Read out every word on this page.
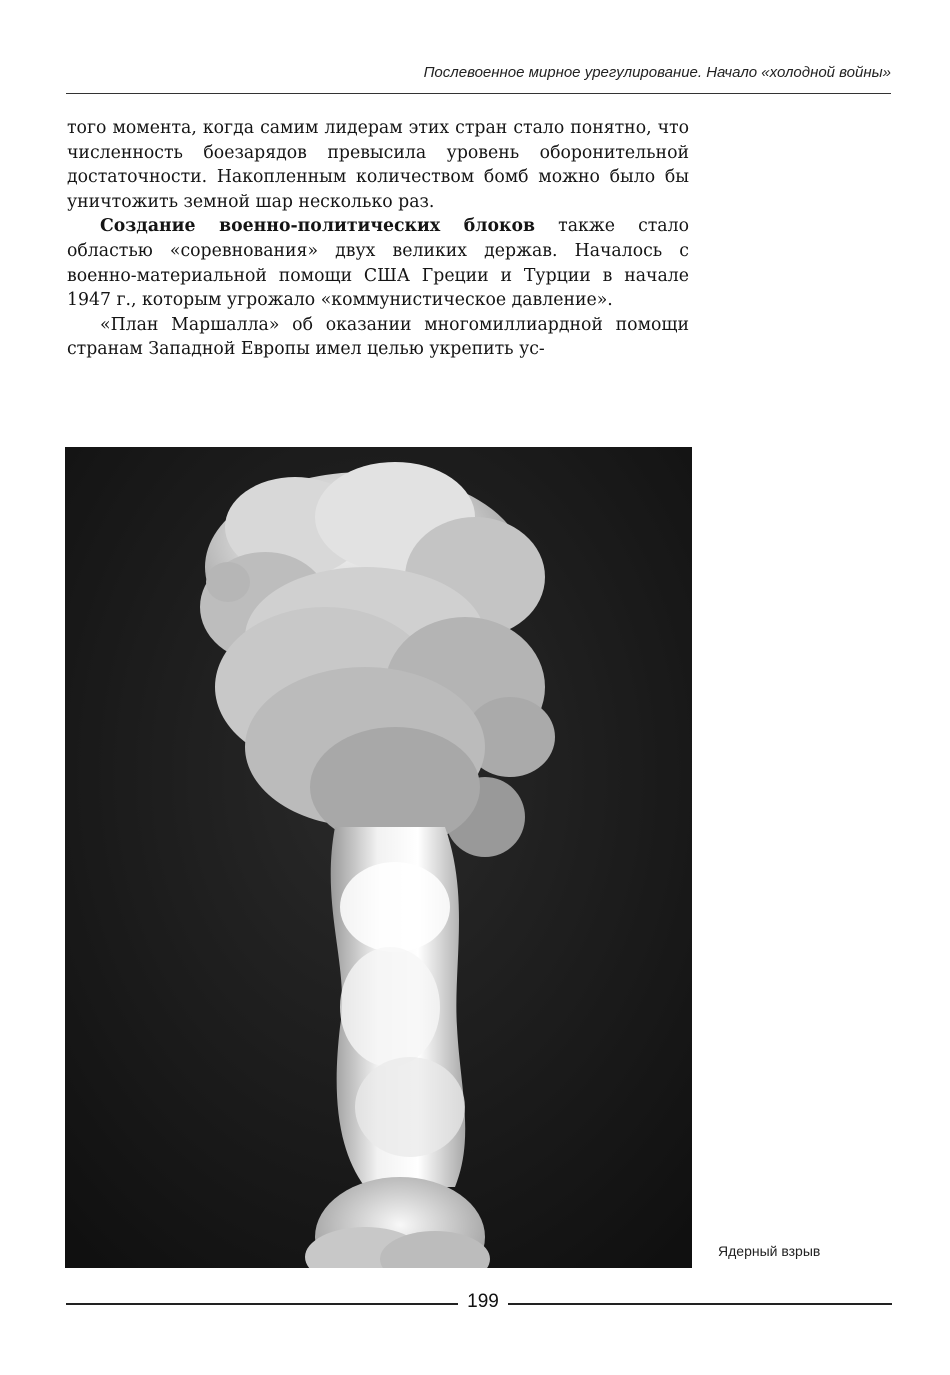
Послевоенное мирное урегулирование. Начало «холодной войны»

того момента, когда самим лидерам этих стран стало понятно, что численность боезарядов превысила уровень оборонительной достаточности. Накопленным количеством бомб можно было бы уничтожить земной шар несколько раз.

Создание военно-политических блоков также стало областью «соревнования» двух великих держав. Началось с военно-материальной помощи США Греции и Турции в начале 1947 г., которым угрожало «коммунистическое давление».

«План Маршалла» об оказании многомиллиардной помощи странам Западной Европы имел целью укрепить ус-

Ядерный взрыв
199
